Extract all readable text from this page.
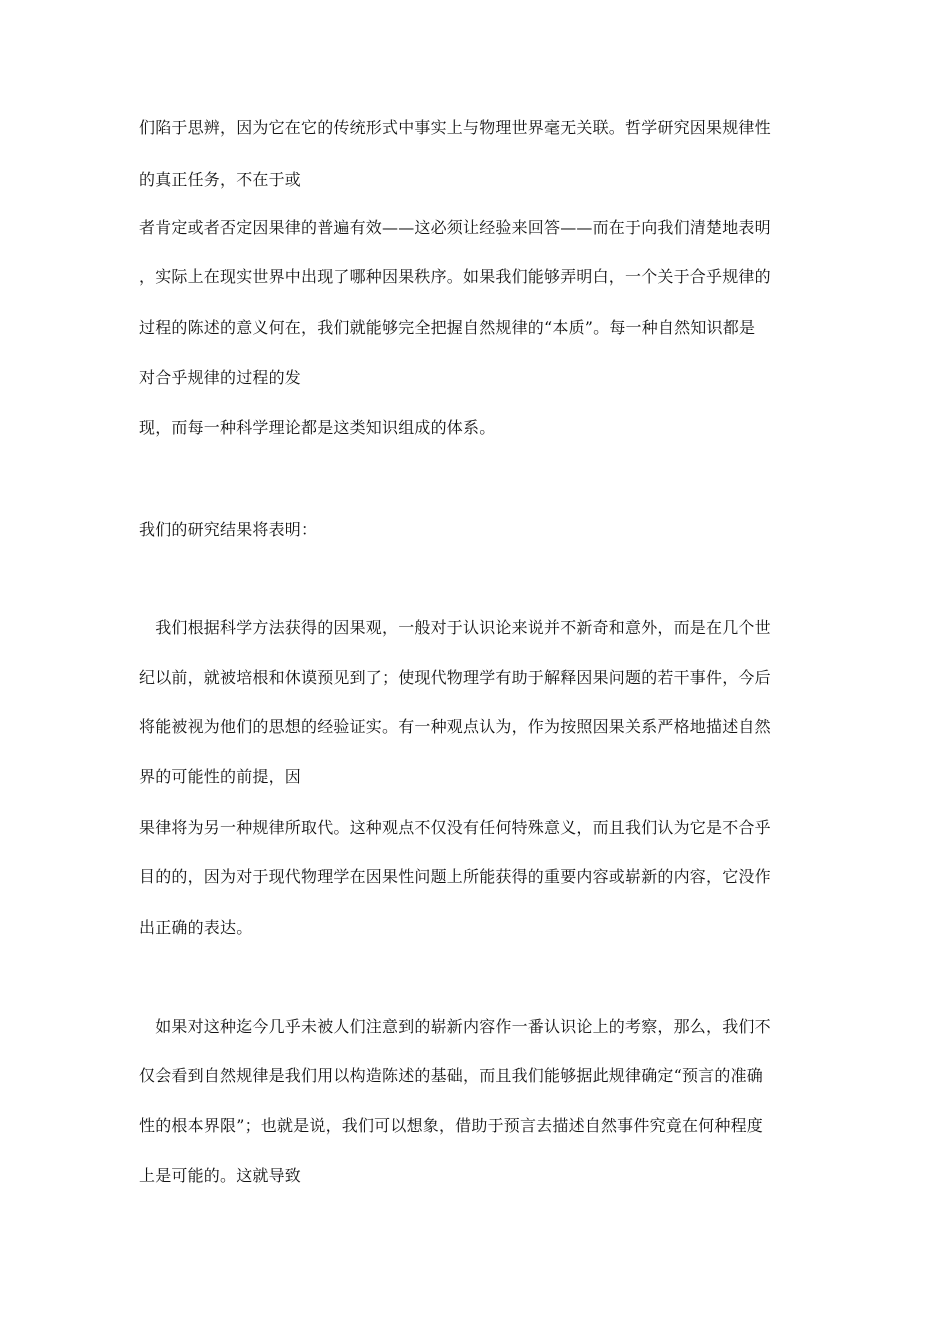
们陷于思辨，因为它在它的传统形式中事实上与物理世界毫无关联。哲学研究因果规律性
的真正任务，不在于或
者肯定或者否定因果律的普遍有效——这必须让经验来回答——而在于向我们清楚地表明
，实际上在现实世界中出现了哪种因果秩序。如果我们能够弄明白，一个关于合乎规律的
过程的陈述的意义何在，我们就能够完全把握自然规律的“本质”。每一种自然知识都是
对合乎规律的过程的发
现，而每一种科学理论都是这类知识组成的体系。
我们的研究结果将表明：
　我们根据科学方法获得的因果观，一般对于认识论来说并不新奇和意外，而是在几个世
纪以前，就被培根和休谟预见到了；使现代物理学有助于解释因果问题的若干事件，今后
将能被视为他们的思想的经验证实。有一种观点认为，作为按照因果关系严格地描述自然
界的可能性的前提，因
果律将为另一种规律所取代。这种观点不仅没有任何特殊意义，而且我们认为它是不合乎
目的的，因为对于现代物理学在因果性问题上所能获得的重要内容或崭新的内容，它没作
出正确的表达。
　如果对这种迄今几乎未被人们注意到的崭新内容作一番认识论上的考察，那么，我们不
仅会看到自然规律是我们用以构造陈述的基础，而且我们能够据此规律确定“预言的准确
性的根本界限”；也就是说，我们可以想象，借助于预言去描述自然事件究竟在何种程度
上是可能的。这就导致
